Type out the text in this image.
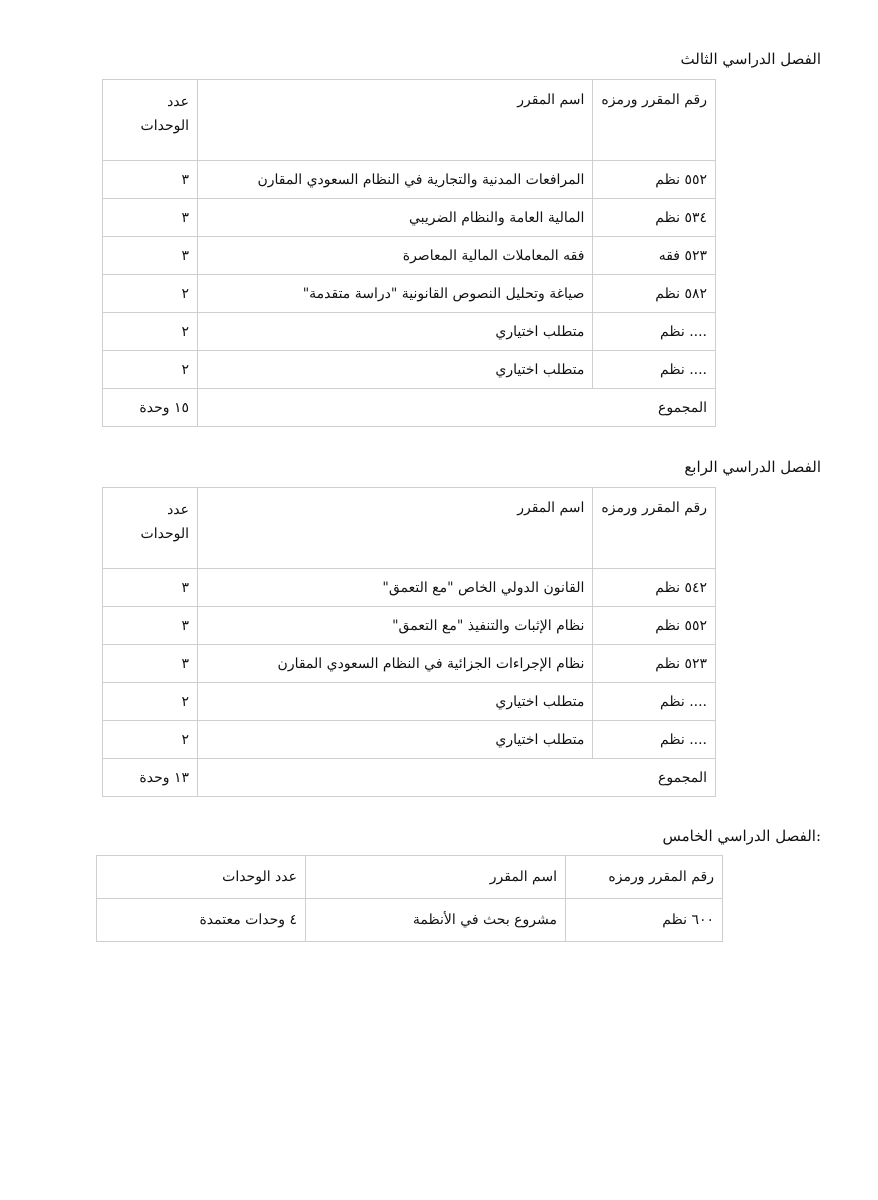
الفصل الدراسي الثالث
رقم المقرر ورمزه	اسم المقرر	عدد
الوحدات

٥٥٢ نظم	المرافعات المدنية والتجارية في النظام السعودي المقارن	٣
٥٣٤ نظم	المالية العامة والنظام الضريبي	٣
٥٢٣ فقه	فقه المعاملات المالية المعاصرة	٣
٥٨٢ نظم	صياغة وتحليل النصوص القانونية "دراسة متقدمة"	٢
.... نظم	متطلب اختياري	٢
.... نظم	متطلب اختياري	٢
المجموع		١٥ وحدة
الفصل الدراسي الرابع
رقم المقرر ورمزه	اسم المقرر	عدد
الوحدات

٥٤٢ نظم	القانون الدولي الخاص "مع التعمق"	٣
٥٥٢ نظم	نظام الإثبات والتنفيذ "مع التعمق"	٣
٥٢٣ نظم	نظام الإجراءات الجزائية في النظام السعودي المقارن	٣
.... نظم	متطلب اختياري	٢
.... نظم	متطلب اختياري	٢
المجموع		١٣ وحدة
:الفصل الدراسي الخامس
رقم المقرر ورمزه	اسم المقرر	عدد الوحدات
٦٠٠ نظم	مشروع بحث في الأنظمة	٤ وحدات معتمدة
